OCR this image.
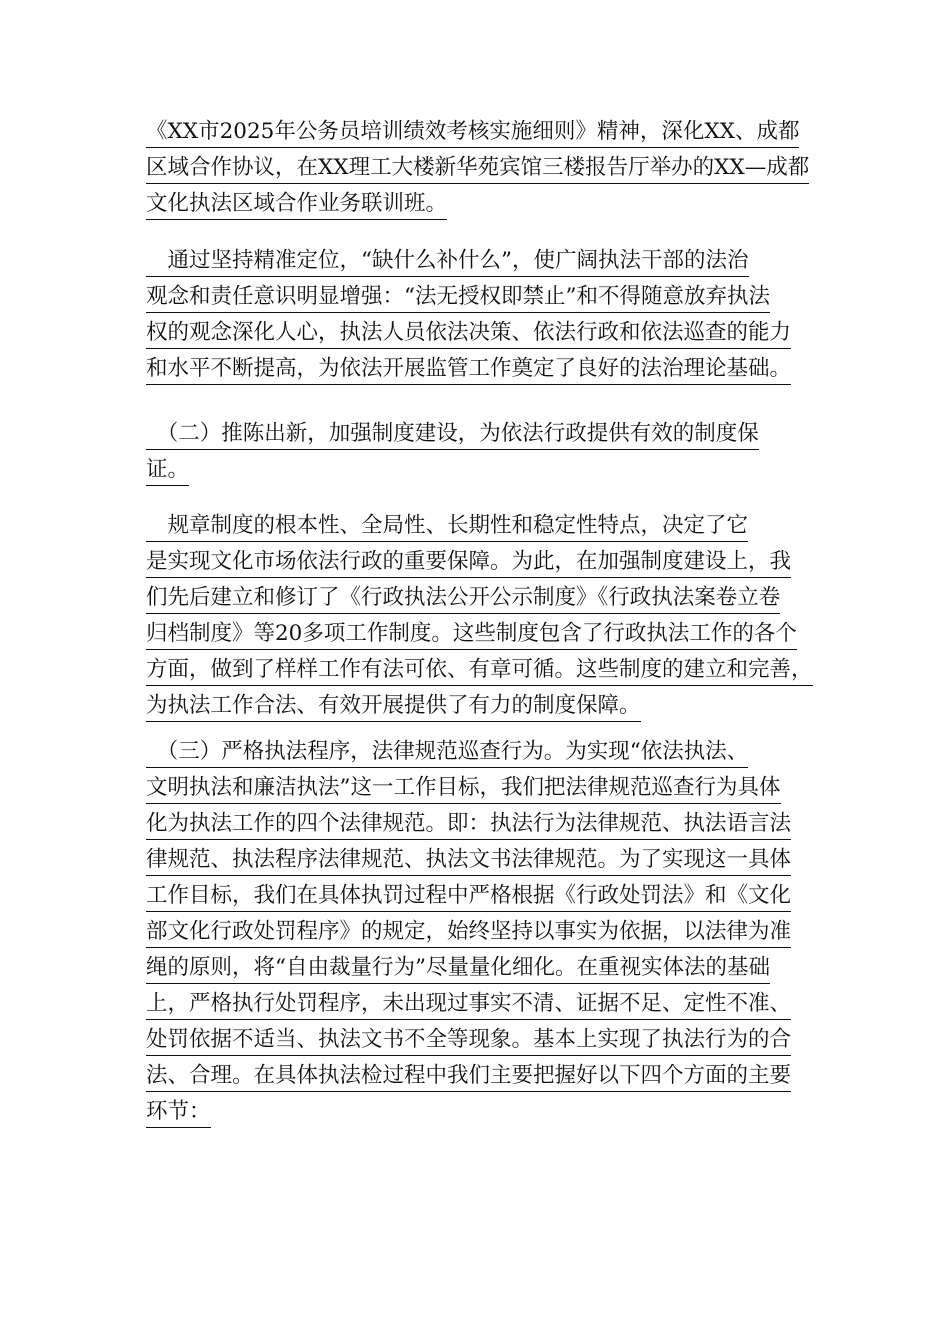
《XX市2025年公务员培训绩效考核实施细则》精神，深化XX、成都
区域合作协议，在XX理工大楼新华苑宾馆三楼报告厅举办的XX—成都
文化执法区域合作业务联训班。
　通过坚持精准定位，“缺什么补什么”，使广阔执法干部的法治
观念和责任意识明显增强：“法无授权即禁止”和不得随意放弃执法
权的观念深化人心，执法人员依法决策、依法行政和依法巡查的能力
和水平不断提高，为依法开展监管工作奠定了良好的法治理论基础。
　（二）推陈出新，加强制度建设，为依法行政提供有效的制度保
证。
　规章制度的根本性、全局性、长期性和稳定性特点，决定了它
是实现文化市场依法行政的重要保障。为此，在加强制度建设上，我
们先后建立和修订了《行政执法公开公示制度》《行政执法案卷立卷
归档制度》等20多项工作制度。这些制度包含了行政执法工作的各个
方面，做到了样样工作有法可依、有章可循。这些制度的建立和完善，
为执法工作合法、有效开展提供了有力的制度保障。
　（三）严格执法程序，法律规范巡查行为。为实现“依法执法、
文明执法和廉洁执法”这一工作目标，我们把法律规范巡查行为具体
化为执法工作的四个法律规范。即：执法行为法律规范、执法语言法
律规范、执法程序法律规范、执法文书法律规范。为了实现这一具体
工作目标，我们在具体执罚过程中严格根据《行政处罚法》和《文化
部文化行政处罚程序》的规定，始终坚持以事实为依据，以法律为准
绳的原则，将“自由裁量行为”尽量量化细化。在重视实体法的基础
上，严格执行处罚程序，未出现过事实不清、证据不足、定性不准、
处罚依据不适当、执法文书不全等现象。基本上实现了执法行为的合
法、合理。在具体执法检过程中我们主要把握好以下四个方面的主要
环节：
